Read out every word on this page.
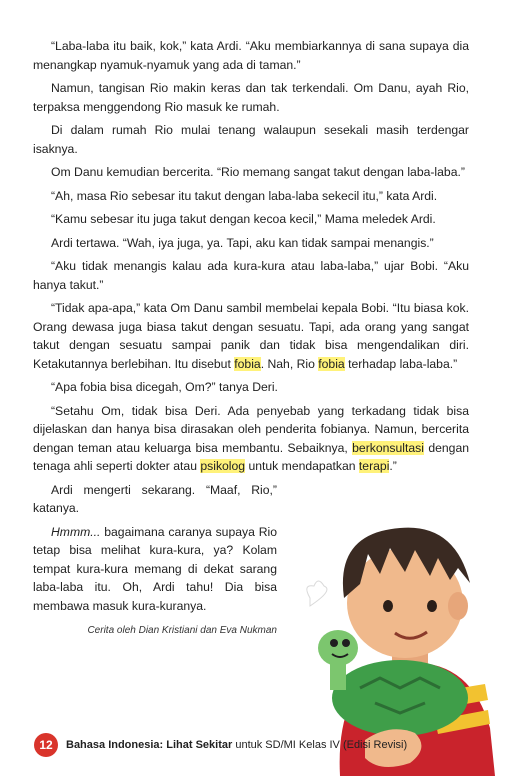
“Laba-laba itu baik, kok,” kata Ardi. “Aku membiarkannya di sana supaya dia menangkap nyamuk-nyamuk yang ada di taman.”

Namun, tangisan Rio makin keras dan tak terkendali. Om Danu, ayah Rio, terpaksa menggendong Rio masuk ke rumah.

Di dalam rumah Rio mulai tenang walaupun sesekali masih terdengar isaknya.

Om Danu kemudian bercerita. “Rio memang sangat takut dengan laba-laba.”

“Ah, masa Rio sebesar itu takut dengan laba-laba sekecil itu,” kata Ardi.

“Kamu sebesar itu juga takut dengan kecoa kecil,” Mama meledek Ardi.

Ardi tertawa. “Wah, iya juga, ya. Tapi, aku kan tidak sampai menangis.”

“Aku tidak menangis kalau ada kura-kura atau laba-laba,” ujar Bobi. “Aku hanya takut.”

“Tidak apa-apa,” kata Om Danu sambil membelai kepala Bobi. “Itu biasa kok. Orang dewasa juga biasa takut dengan sesuatu. Tapi, ada orang yang sangat takut dengan sesuatu sampai panik dan tidak bisa mengendalikan diri. Ketakutannya berlebihan. Itu disebut fobia. Nah, Rio fobia terhadap laba-laba.”

“Apa fobia bisa dicegah, Om?” tanya Deri.

“Setahu Om, tidak bisa Deri. Ada penyebab yang terkadang tidak bisa dijelaskan dan hanya bisa dirasakan oleh penderita fobianya. Namun, bercerita dengan teman atau keluarga bisa membantu. Sebaiknya, berkonsultasi dengan tenaga ahli seperti dokter atau psikolog untuk mendapatkan terapi.”

Ardi mengerti sekarang. “Maaf, Rio,” katanya.

Hmmm... bagaimana caranya supaya Rio tetap bisa melihat kura-kura, ya? Kolam tempat kura-kura memang di dekat sarang laba-laba itu. Oh, Ardi tahu! Dia bisa membawa masuk kura-kuranya.

Cerita oleh Dian Kristiani dan Eva Nukman
12	Bahasa Indonesia: Lihat Sekitar untuk SD/MI Kelas IV (Edisi Revisi)
